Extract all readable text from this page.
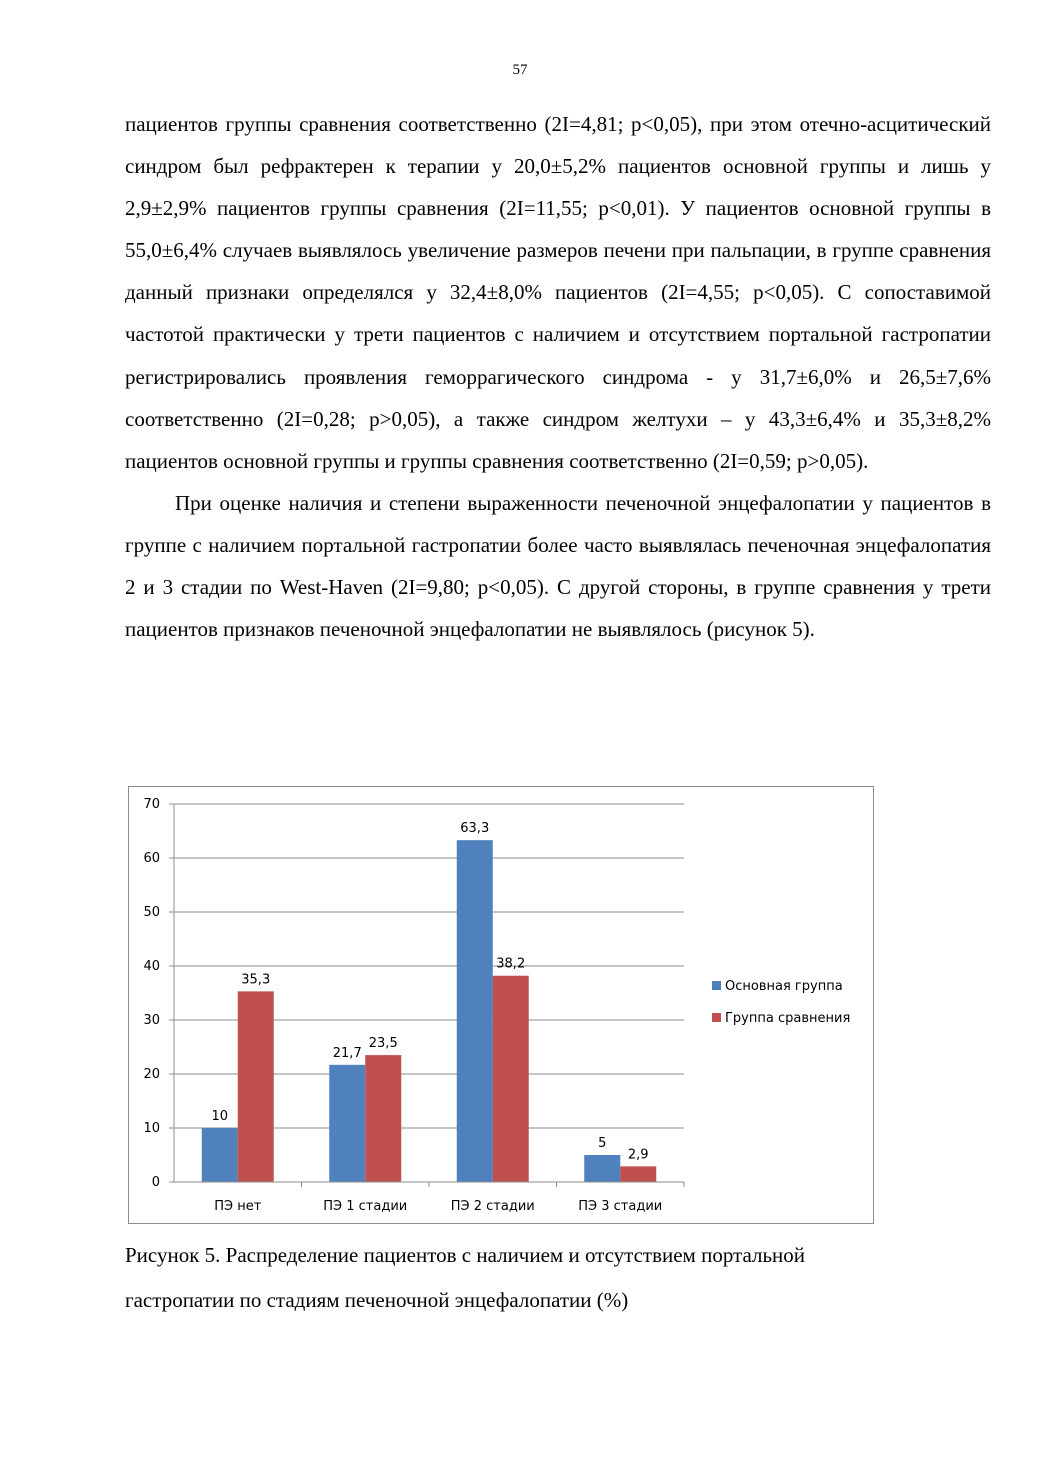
57

пациентов группы сравнения соответственно (2I=4,81; p<0,05), при этом отечно-асцитический синдром был рефрактерен к терапии у 20,0±5,2% пациентов основной группы и лишь у 2,9±2,9% пациентов группы сравнения (2I=11,55; p<0,01). У пациентов основной группы в 55,0±6,4% случаев выявлялось увеличение размеров печени при пальпации, в группе сравнения данный признаки определялся у 32,4±8,0% пациентов (2I=4,55; p<0,05). С сопоставимой частотой практически у трети пациентов с наличием и отсутствием портальной гастропатии регистрировались проявления геморрагического синдрома - у 31,7±6,0% и 26,5±7,6% соответственно (2I=0,28; p>0,05), а также синдром желтухи – у 43,3±6,4% и 35,3±8,2% пациентов основной группы и группы сравнения соответственно (2I=0,59; p>0,05).

При оценке наличия и степени выраженности печеночной энцефалопатии у пациентов в группе с наличием портальной гастропатии более часто выявлялась печеночная энцефалопатия 2 и 3 стадии по West-Haven (2I=9,80; p<0,05). С другой стороны, в группе сравнения у трети пациентов признаков печеночной энцефалопатии не выявлялось (рисунок 5).

0
10
20
30
40
50
60
70
ПЭ нет
10
35,3
ПЭ 1 стадии
21,7
23,5
ПЭ 2 стадии
63,3
38,2
ПЭ 3 стадии
5
2,9
Основная группа
Группа сравнения

Рисунок 5. Распределение пациентов с наличием и отсутствием портальной

гастропатии по стадиям печеночной энцефалопатии (%)
